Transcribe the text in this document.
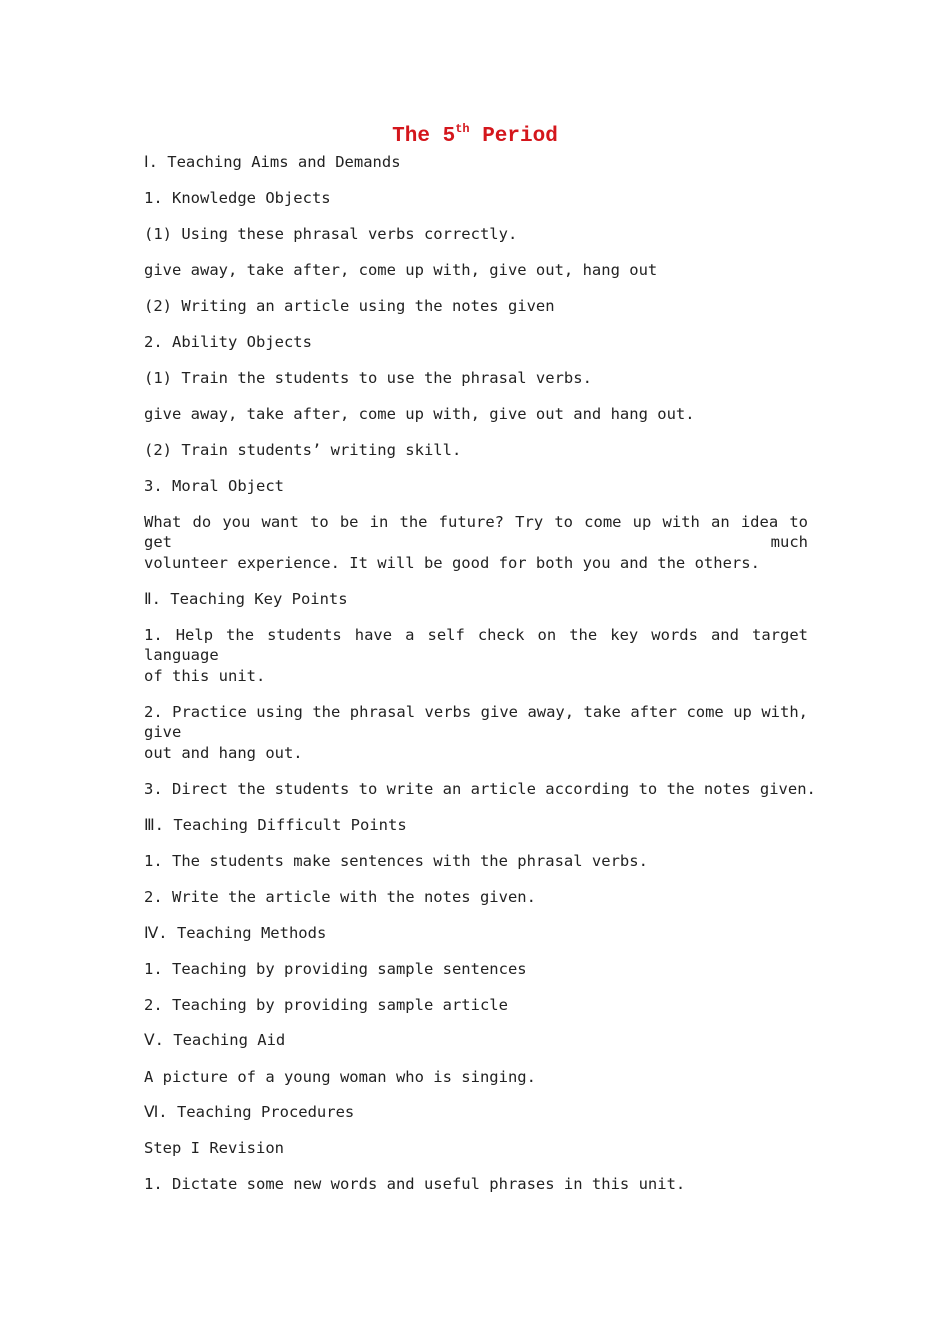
The 5th Period

Ⅰ. Teaching Aims and Demands

1. Knowledge Objects

(1) Using these phrasal verbs correctly.

give away, take after, come up with, give out, hang out

(2) Writing an article using the notes given

2. Ability Objects

(1) Train the students to use the phrasal verbs.

give away, take after, come up with, give out and hang out.

(2) Train students’ writing skill.

3. Moral Object

What do you want to be in the future? Try to come up with an idea to get much

volunteer experience. It will be good for both you and the others.

Ⅱ. Teaching Key Points

1. Help the students have a self check on the key words and target language

of this unit.

2. Practice using the phrasal verbs give away, take after come up with, give

out and hang out.

3. Direct the students to write an article according to the notes given.

Ⅲ. Teaching Difficult Points

1. The students make sentences with the phrasal verbs.

2. Write the article with the notes given.

Ⅳ. Teaching Methods

1. Teaching by providing sample sentences

2. Teaching by providing sample article

Ⅴ. Teaching Aid

A picture of a young woman who is singing.

Ⅵ. Teaching Procedures

Step I Revision

1. Dictate some new words and useful phrases in this unit.
